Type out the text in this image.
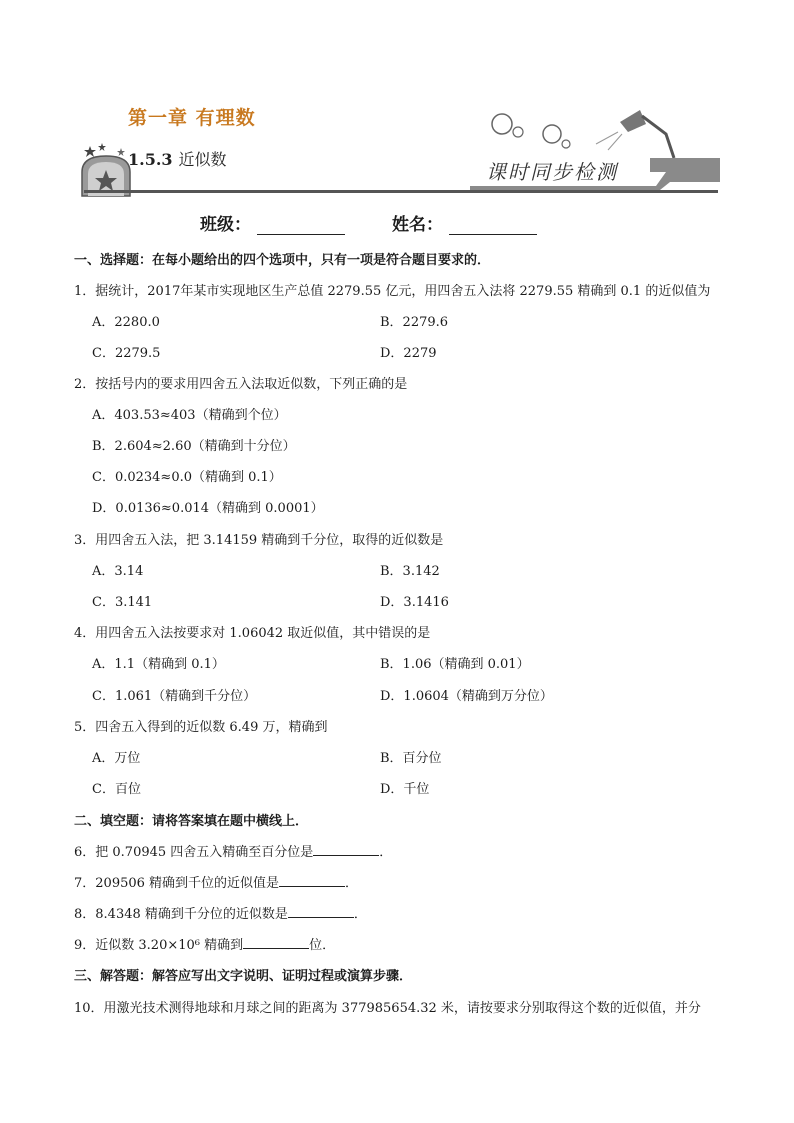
第一章 有理数
1.5.3 近似数
课时同步检测
班级：	姓名：
一、选择题：在每小题给出的四个选项中，只有一项是符合题目要求的．
1．据统计，2017年某市实现地区生产总值 2279.55 亿元，用四舍五入法将 2279.55 精确到 0.1 的近似值为
A．2280.0	B．2279.6
C．2279.5	D．2279
2．按括号内的要求用四舍五入法取近似数，下列正确的是
A．403.53≈403（精确到个位）
B．2.604≈2.60（精确到十分位）
C．0.0234≈0.0（精确到 0.1）
D．0.0136≈0.014（精确到 0.0001）
3．用四舍五入法，把 3.14159 精确到千分位，取得的近似数是
A．3.14	B．3.142
C．3.141	D．3.1416
4．用四舍五入法按要求对 1.06042 取近似值，其中错误的是
A．1.1（精确到 0.1）	B．1.06（精确到 0.01）
C．1.061（精确到千分位）	D．1.0604（精确到万分位）
5．四舍五入得到的近似数 6.49 万，精确到
A．万位	B．百分位
C．百位	D．千位
二、填空题：请将答案填在题中横线上．
6．把 0.70945 四舍五入精确至百分位是	．
7．209506 精确到千位的近似值是	．
8．8.4348 精确到千分位的近似数是	．
9．近似数 3.20×10⁶ 精确到	位．
三、解答题：解答应写出文字说明、证明过程或演算步骤．
10．用激光技术测得地球和月球之间的距离为 377985654.32 米，请按要求分别取得这个数的近似值，并分
